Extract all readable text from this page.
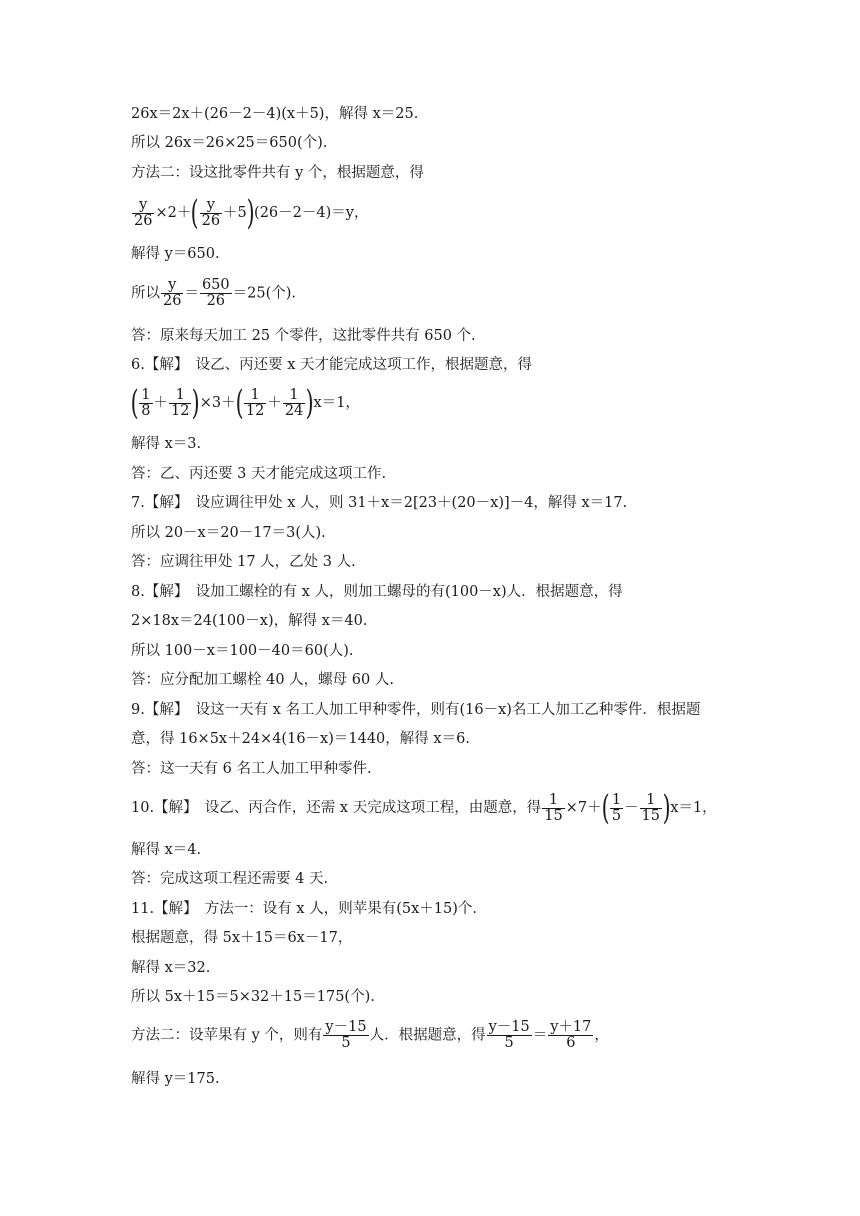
26x＝2x＋(26－2－4)(x＋5)，解得 x＝25.
所以 26x＝26×25＝650(个).
方法二：设这批零件共有 y 个，根据题意，得
$\frac{y}{26} \times 2+( \frac{y}{26} +5)(26-2-4)=y$，
解得 y＝650.
所以 $\frac{y}{26} = \frac{650}{26} =25$(个).
答：原来每天加工 25 个零件，这批零件共有 650 个.
6.【解】　设乙、丙还要 x 天才能完成这项工作，根据题意，得
( $\frac{1}{8} + \frac{1}{12} )\times 3+( \frac{1}{12} + \frac{1}{24} )x=1$，
解得 x＝3.
答：乙、丙还要 3 天才能完成这项工作.
7.【解】　设应调往甲处 x 人，则 31＋x＝2[23＋(20－x)]－4，解得 x＝17.
所以 20－x＝20－17＝3(人).
答：应调往甲处 17 人，乙处 3 人.
8.【解】　设加工螺栓的有 x 人，则加工螺母的有(100－x)人．根据题意，得
2×18x＝24(100－x)，解得 x＝40.
所以 100－x＝100－40＝60(人).
答：应分配加工螺栓 40 人，螺母 60 人.
9.【解】　设这一天有 x 名工人加工甲种零件，则有(16－x)名工人加工乙种零件．根据题
意，得 16×5x＋24×4(16－x)＝1440，解得 x＝6.
答：这一天有 6 名工人加工甲种零件.
10.【解】　设乙、丙合作，还需 x 天完成这项工程，由题意，得 $\frac{1}{15} \times 7+( \frac{1}{5} - \frac{1}{15} )x=1$，
解得 x＝4.
答：完成这项工程还需要 4 天.
11.【解】　方法一：设有 x 人，则苹果有(5x＋15)个.
根据题意，得 5x＋15＝6x－17，
解得 x＝32.
所以 5x＋15＝5×32＋15＝175(个).
方法二：设苹果有 y 个，则有 $\frac{y-15}{5}$ 人．根据题意，得 $\frac{y-15}{5} = \frac{y+17}{6}$ ，
解得 y＝175.
